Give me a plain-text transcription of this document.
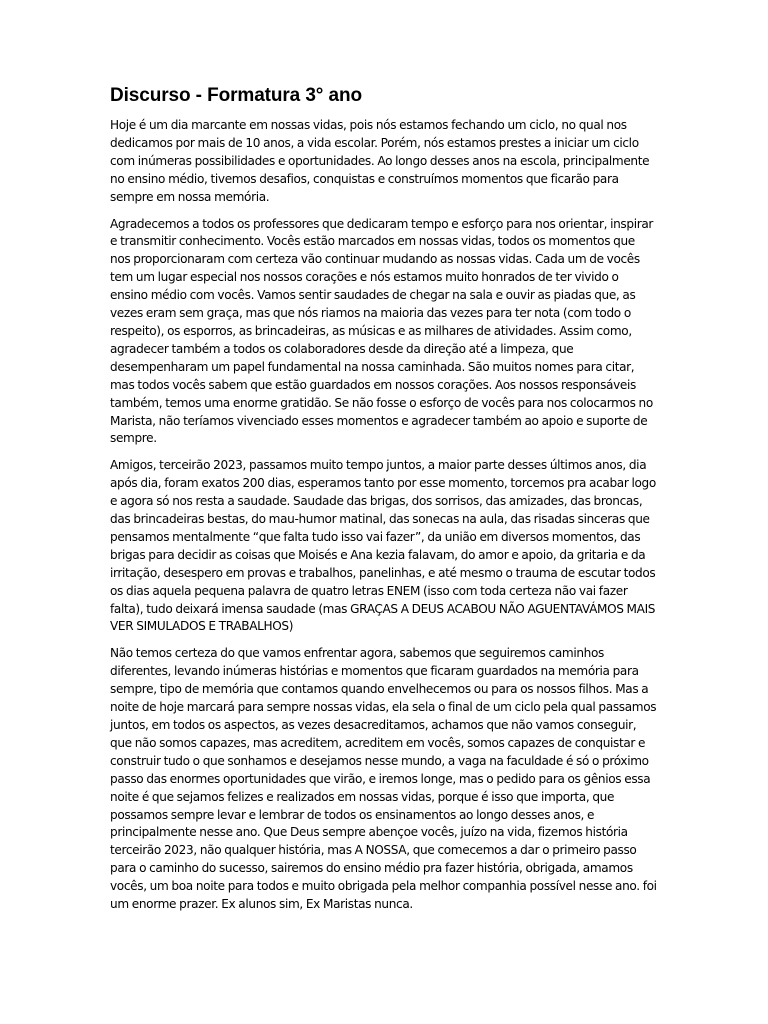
Discurso - Formatura 3° ano

Hoje é um dia marcante em nossas vidas, pois nós estamos fechando um ciclo, no qual nos dedicamos por mais de 10 anos, a vida escolar. Porém, nós estamos prestes a iniciar um ciclo com inúmeras possibilidades e oportunidades. Ao longo desses anos na escola, principalmente no ensino médio, tivemos desafios, conquistas e construímos momentos que ficarão para sempre em nossa memória.

Agradecemos a todos os professores que dedicaram tempo e esforço para nos orientar, inspirar e transmitir conhecimento. Vocês estão marcados em nossas vidas, todos os momentos que nos proporcionaram com certeza vão continuar mudando as nossas vidas. Cada um de vocês tem um lugar especial nos nossos corações e nós estamos muito honrados de ter vivido o ensino médio com vocês. Vamos sentir saudades de chegar na sala e ouvir as piadas que, as vezes eram sem graça, mas que nós riamos na maioria das vezes para ter nota (com todo o respeito), os esporros, as brincadeiras, as músicas e as milhares de atividades. Assim como, agradecer também a todos os colaboradores desde da direção até a limpeza, que desempenharam um papel fundamental na nossa caminhada. São muitos nomes para citar, mas todos vocês sabem que estão guardados em nossos corações. Aos nossos responsáveis também, temos uma enorme gratidão. Se não fosse o esforço de vocês para nos colocarmos no Marista, não teríamos vivenciado esses momentos e agradecer também ao apoio e suporte de sempre.

Amigos, terceirão 2023, passamos muito tempo juntos, a maior parte desses últimos anos, dia após dia, foram exatos 200 dias, esperamos tanto por esse momento, torcemos pra acabar logo e agora só nos resta a saudade. Saudade das brigas, dos sorrisos, das amizades, das broncas, das brincadeiras bestas, do mau-humor matinal, das sonecas na aula, das risadas sinceras que pensamos mentalmente “que falta tudo isso vai fazer”, da união em diversos momentos, das brigas para decidir as coisas que Moisés e Ana kezia falavam, do amor e apoio, da gritaria e da irritação, desespero em provas e trabalhos, panelinhas, e até mesmo o trauma de escutar todos os dias aquela pequena palavra de quatro letras ENEM (isso com toda certeza não vai fazer falta), tudo deixará imensa saudade (mas GRAÇAS A DEUS ACABOU NÃO AGUENTAVÁMOS MAIS VER SIMULADOS E TRABALHOS)

Não temos certeza do que vamos enfrentar agora, sabemos que seguiremos caminhos diferentes, levando inúmeras histórias e momentos que ficaram guardados na memória para sempre, tipo de memória que contamos quando envelhecemos ou para os nossos filhos. Mas a noite de hoje marcará para sempre nossas vidas, ela sela o final de um ciclo pela qual passamos juntos, em todos os aspectos, as vezes desacreditamos, achamos que não vamos conseguir, que não somos capazes, mas acreditem, acreditem em vocês, somos capazes de conquistar e construir tudo o que sonhamos e desejamos nesse mundo, a vaga na faculdade é só o próximo passo das enormes oportunidades que virão, e iremos longe, mas o pedido para os gênios essa noite é que sejamos felizes e realizados em nossas vidas, porque é isso que importa, que possamos sempre levar e lembrar de todos os ensinamentos ao longo desses anos, e principalmente nesse ano. Que Deus sempre abençoe vocês, juízo na vida, fizemos história terceirão 2023, não qualquer história, mas A NOSSA, que comecemos a dar o primeiro passo para o caminho do sucesso, sairemos do ensino médio pra fazer história, obrigada, amamos vocês, um boa noite para todos e muito obrigada pela melhor companhia possível nesse ano. foi um enorme prazer. Ex alunos sim, Ex Maristas nunca.
